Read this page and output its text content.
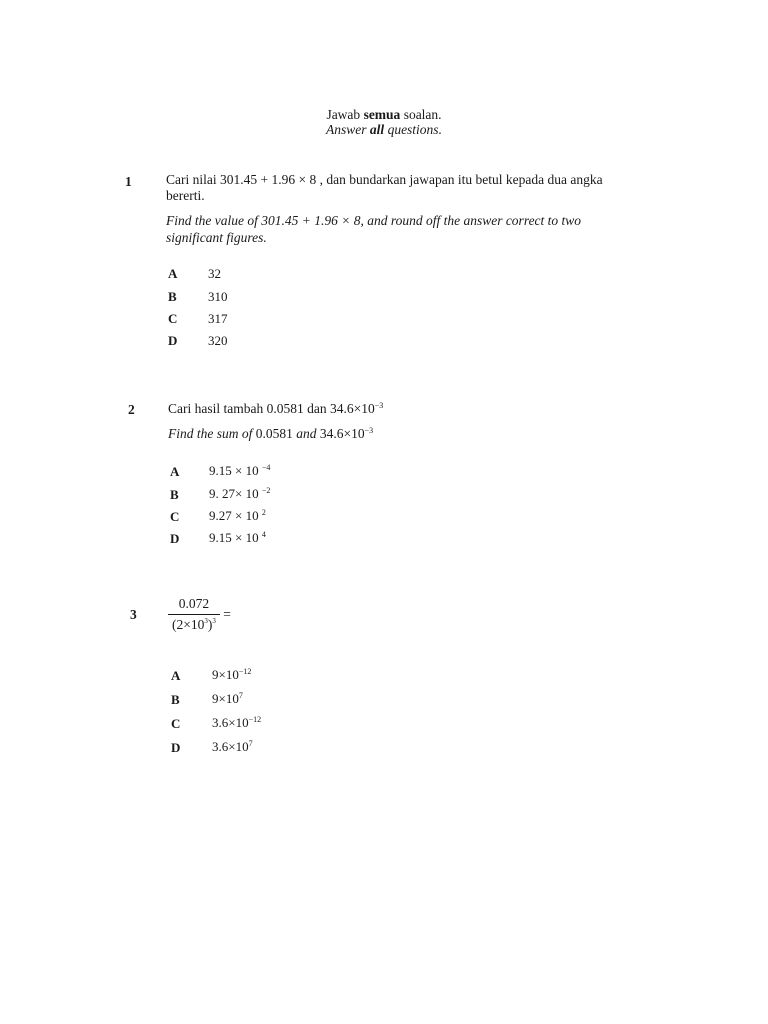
Jawab semua soalan.
Answer all questions.
1	Cari nilai 301.45 + 1.96 × 8 , dan bundarkan jawapan itu betul kepada dua angka
bererti.
Find the value of 301.45 + 1.96 × 8, and round off the answer correct to two
significant figures.
A 32
B 310
C 317
D 320
2 Cari hasil tambah 0.0581 dan $34.6\times 10^{-3}$
Find the sum of 0.0581 and $34.6\times 10^{-3}$
A 9.15 × 10 $^{-4}$
B 9. 27× 10 $^{-2}$
C 9.27 × 10 $^2$
D 9.15 × 10 $^4$
$3 \frac{0.072}{(2\times 10^3)^3}$ =
A $9\times 10^{-12}$
B $9\times 10^7$
C $3.6\times 10^{-12}$
D $3.6\times 10^7$
